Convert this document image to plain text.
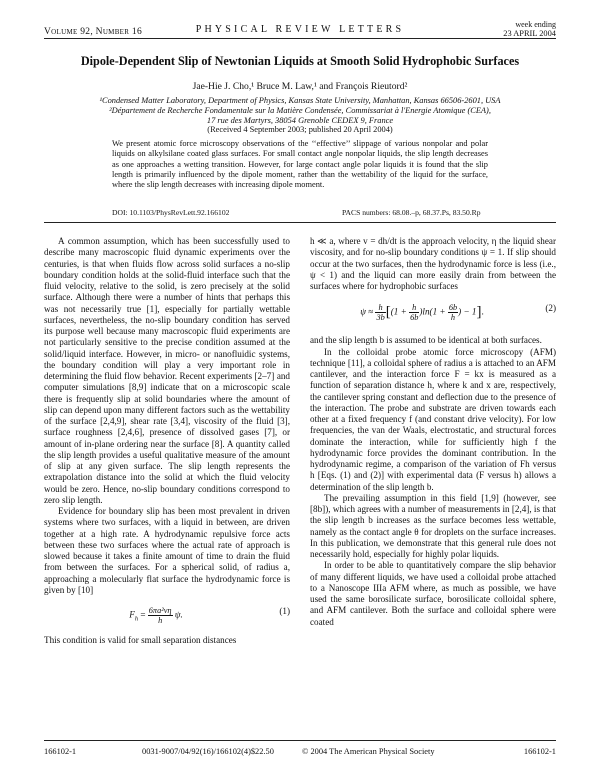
Volume 92, Number 16	PHYSICAL REVIEW LETTERS	week ending
23 APRIL 2004
Dipole-Dependent Slip of Newtonian Liquids at Smooth Solid Hydrophobic Surfaces
Jae-Hie J. Cho,¹ Bruce M. Law,¹ and François Rieutord²
¹Condensed Matter Laboratory, Department of Physics, Kansas State University, Manhattan, Kansas 66506-2601, USA
²Département de Recherche Fondamentale sur la Matière Condensée, Commissariat à l'Energie Atomique (CEA),
17 rue des Martyrs, 38054 Grenoble CEDEX 9, France
(Received 4 September 2003; published 20 April 2004)
We present atomic force microscopy observations of the ‘‘effective’’ slippage of various nonpolar and polar liquids on alkylsilane coated glass surfaces. For small contact angle nonpolar liquids, the slip length decreases as one approaches a wetting transition. However, for large contact angle polar liquids it is found that the slip length is primarily influenced by the dipole moment, rather than the wettability of the liquid for the surface, where the slip length decreases with increasing dipole moment.
DOI: 10.1103/PhysRevLett.92.166102	PACS numbers: 68.08.–p, 68.37.Ps, 83.50.Rp

A common assumption, which has been successfully used to describe many macroscopic fluid dynamic experiments over the centuries, is that when fluids flow across solid surfaces a no-slip boundary condition holds at the solid-fluid interface such that the fluid velocity, relative to the solid, is zero precisely at the solid surface. Although there were a number of hints that perhaps this was not necessarily true [1], especially for partially wettable surfaces, nevertheless, the no-slip boundary condition has served its purpose well because many macroscopic fluid experiments are not particularly sensitive to the precise condition assumed at the solid/liquid interface. However, in micro- or nanofluidic systems, the boundary condition will play a very important role in determining the fluid flow behavior. Recent experiments [2–7] and computer simulations [8,9] indicate that on a microscopic scale there is frequently slip at solid boundaries where the amount of slip can depend upon many different factors such as the wettability of the surface [2,4,9], shear rate [3,4], viscosity of the fluid [3], surface roughness [2,4,6], presence of dissolved gases [7], or amount of in-plane ordering near the surface [8]. A quantity called the slip length provides a useful qualitative measure of the amount of slip at any given surface. The slip length represents the extrapolation distance into the solid at which the fluid velocity would be zero. Hence, no-slip boundary conditions correspond to zero slip length.

Evidence for boundary slip has been most prevalent in driven systems where two surfaces, with a liquid in between, are driven together at a high rate. A hydrodynamic repulsive force acts between these two surfaces where the actual rate of approach is slowed because it takes a finite amount of time to drain the fluid from between the surfaces. For a spherical solid, of radius a, approaching a molecularly flat surface the hydrodynamic force is given by [10]

$F_h = \frac{\text{6πa²vη}}{h} \psi$.	(1)

This condition is valid for small separation distances

h ≪ a, where v = dh/dt is the approach velocity, η the liquid shear viscosity, and for no-slip boundary conditions ψ = 1. If slip should occur at the two surfaces, then the hydrodynamic force is less (i.e., ψ < 1) and the liquid can more easily drain from between the surfaces where for hydrophobic surfaces

$\psi \approx \frac{h}{3b} [(1 + \frac{h}{6b} )\ln(1 + \frac{6b}{h}$ ) − 1].	(2)

and the slip length b is assumed to be identical at both surfaces.

In the colloidal probe atomic force microscopy (AFM) technique [11], a colloidal sphere of radius a is attached to an AFM cantilever, and the interaction force F = kx is measured as a function of separation distance h, where k and x are, respectively, the cantilever spring constant and deflection due to the presence of the interaction. The probe and substrate are driven towards each other at a fixed frequency f (and constant drive velocity). For low frequencies, the van der Waals, electrostatic, and structural forces dominate the interaction, while for sufficiently high f the hydrodynamic force provides the dominant contribution. In the hydrodynamic regime, a comparison of the variation of Fh versus h [Eqs. (1) and (2)] with experimental data (F versus h) allows a determination of the slip length b.

The prevailing assumption in this field [1,9] (however, see [8b]), which agrees with a number of measurements in [2,4], is that the slip length b increases as the surface becomes less wettable, namely as the contact angle θ for droplets on the surface increases. In this publication, we demonstrate that this general rule does not necessarily hold, especially for highly polar liquids.

In order to be able to quantitatively compare the slip behavior of many different liquids, we have used a colloidal probe attached to a Nanoscope IIIa AFM where, as much as possible, we have used the same borosilicate surface, borosilicate colloidal sphere, and AFM cantilever. Both the surface and colloidal sphere were coated

166102-1	0031-9007/04/92(16)/166102(4)$22.50	© 2004 The American Physical Society	166102-1
